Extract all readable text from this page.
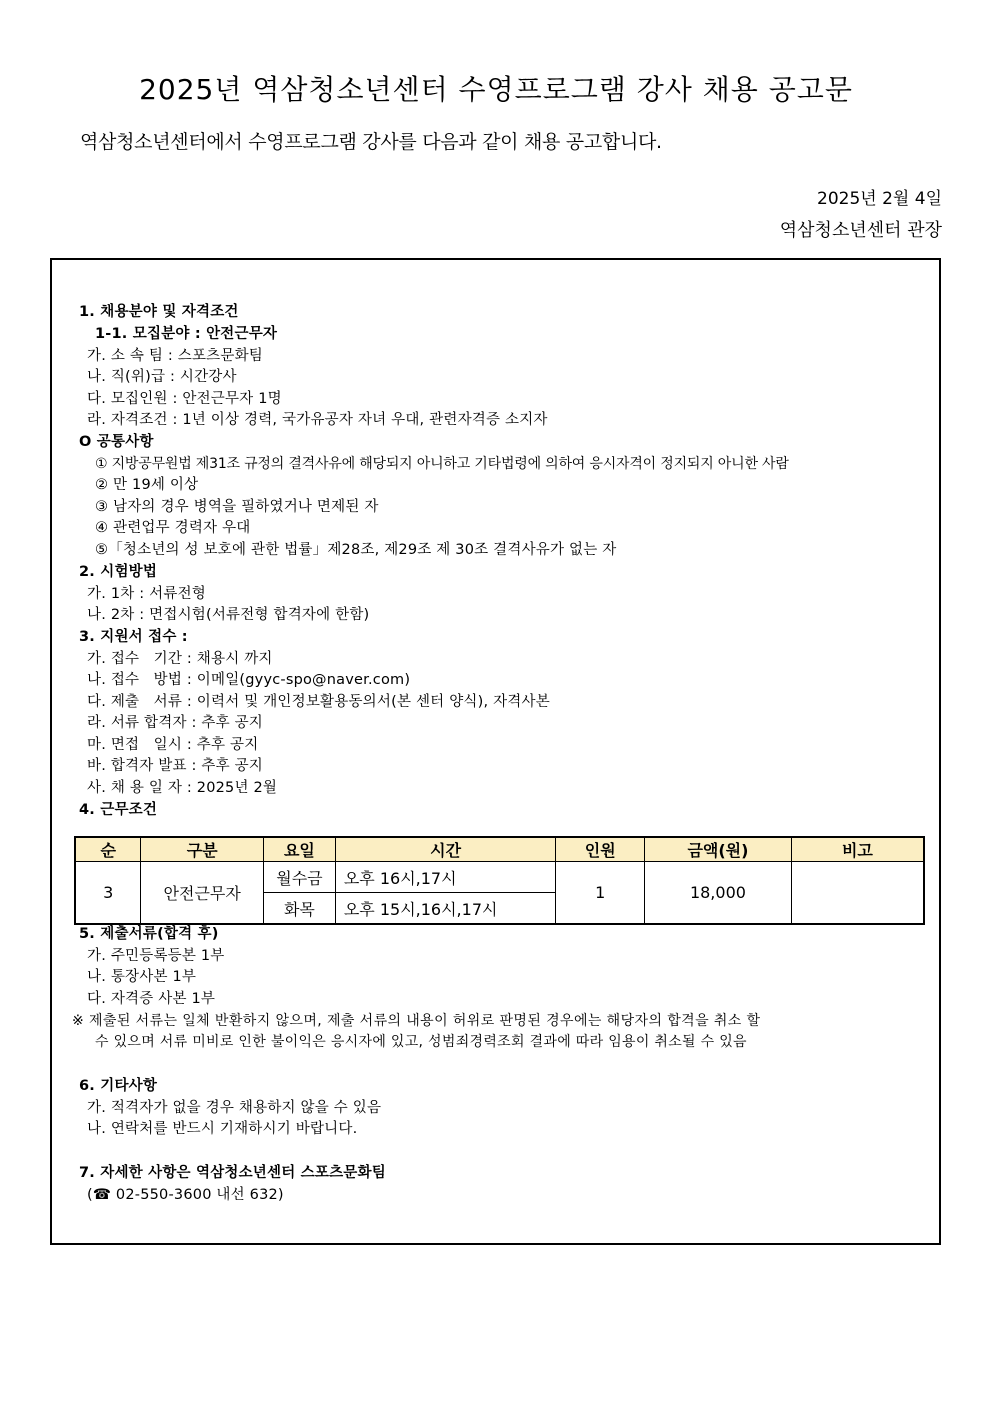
2025년 역삼청소년센터 수영프로그램 강사 채용 공고문
역삼청소년센터에서 수영프로그램 강사를 다음과 같이 채용 공고합니다.
2025년 2월 4일
역삼청소년센터 관장
1. 채용분야 및 자격조건
1-1. 모집분야 : 안전근무자
가. 소 속 팀 : 스포츠문화팀
나. 직(위)급 : 시간강사
다. 모집인원 : 안전근무자 1명
라. 자격조건 : 1년 이상 경력, 국가유공자 자녀 우대, 관련자격증 소지자
O 공통사항
① 지방공무원법 제31조 규정의 결격사유에 해당되지 아니하고 기타법령에 의하여 응시자격이 정지되지 아니한 사람
② 만 19세 이상
③ 남자의 경우 병역을 필하였거나 면제된 자
④ 관련업무 경력자 우대
⑤「청소년의 성 보호에 관한 법률」제28조, 제29조 제 30조 결격사유가 없는 자
2. 시험방법
가. 1차 : 서류전형
나. 2차 : 면접시험(서류전형 합격자에 한함)
3. 지원서 접수 :
가. 접수   기간 : 채용시 까지
나. 접수   방법 : 이메일(gyyc-spo@naver.com)
다. 제출   서류 : 이력서 및 개인정보활용동의서(본 센터 양식), 자격사본
라. 서류 합격자 : 추후 공지
마. 면접   일시 : 추후 공지
바. 합격자 발표 : 추후 공지
사. 채 용 일 자 : 2025년 2월
4. 근무조건
순	구분	요일	시간	인원	금액(원)	비고
3	안전근무자	월수금	오후 16시,17시	1	18,000	
		화목	오후 15시,16시,17시			
5. 제출서류(합격 후)
가. 주민등록등본 1부
나. 통장사본 1부
다. 자격증 사본 1부
※ 제출된 서류는 일체 반환하지 않으며, 제출 서류의 내용이 허위로 판명된 경우에는 해당자의 합격을 취소 할
수 있으며 서류 미비로 인한 불이익은 응시자에 있고, 성범죄경력조회 결과에 따라 임용이 취소될 수 있음
6. 기타사항
가. 적격자가 없을 경우 채용하지 않을 수 있음
나. 연락처를 반드시 기재하시기 바랍니다.
7. 자세한 사항은 역삼청소년센터 스포츠문화팀
(☎ 02-550-3600 내선 632)
